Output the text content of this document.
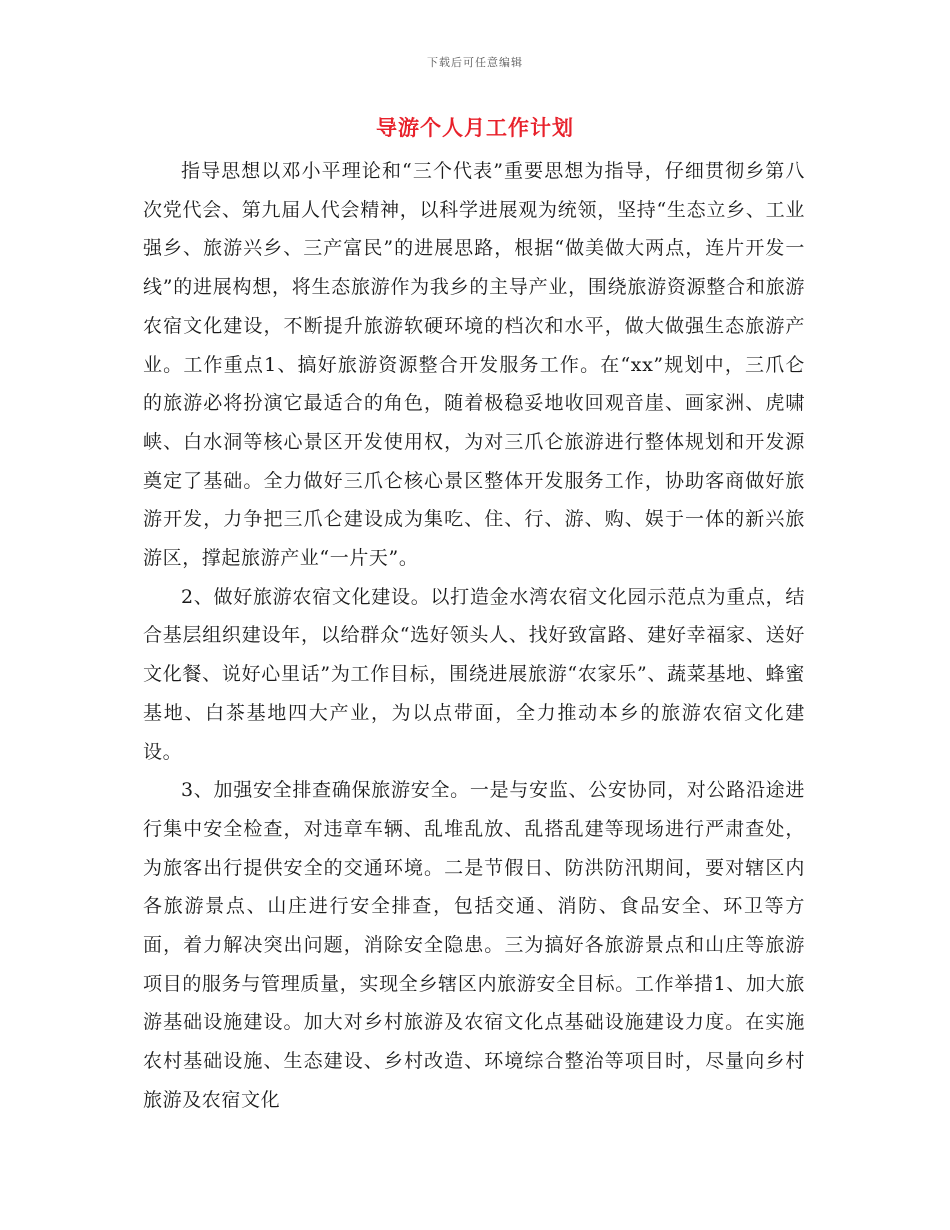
下载后可任意编辑
导游个人月工作计划

指导思想以邓小平理论和“三个代表”重要思想为指导，仔细贯彻乡第八次党代会、第九届人代会精神，以科学进展观为统领，坚持“生态立乡、工业强乡、旅游兴乡、三产富民”的进展思路，根据“做美做大两点，连片开发一线”的进展构想，将生态旅游作为我乡的主导产业，围绕旅游资源整合和旅游农宿文化建设，不断提升旅游软硬环境的档次和水平，做大做强生态旅游产业。工作重点1、搞好旅游资源整合开发服务工作。在“xx”规划中，三爪仑的旅游必将扮演它最适合的角色，随着极稳妥地收回观音崖、画家洲、虎啸峡、白水洞等核心景区开发使用权，为对三爪仑旅游进行整体规划和开发源奠定了基础。全力做好三爪仑核心景区整体开发服务工作，协助客商做好旅游开发，力争把三爪仑建设成为集吃、住、行、游、购、娱于一体的新兴旅游区，撑起旅游产业“一片天”。

2、做好旅游农宿文化建设。以打造金水湾农宿文化园示范点为重点，结合基层组织建设年，以给群众“选好领头人、找好致富路、建好幸福家、送好文化餐、说好心里话”为工作目标，围绕进展旅游“农家乐”、蔬菜基地、蜂蜜基地、白茶基地四大产业，为以点带面，全力推动本乡的旅游农宿文化建设。

3、加强安全排查确保旅游安全。一是与安监、公安协同，对公路沿途进行集中安全检查，对违章车辆、乱堆乱放、乱搭乱建等现场进行严肃查处，为旅客出行提供安全的交通环境。二是节假日、防洪防汛期间，要对辖区内各旅游景点、山庄进行安全排查，包括交通、消防、食品安全、环卫等方面，着力解决突出问题，消除安全隐患。三为搞好各旅游景点和山庄等旅游项目的服务与管理质量，实现全乡辖区内旅游安全目标。工作举措1、加大旅游基础设施建设。加大对乡村旅游及农宿文化点基础设施建设力度。在实施农村基础设施、生态建设、乡村改造、环境综合整治等项目时，尽量向乡村旅游及农宿文化
